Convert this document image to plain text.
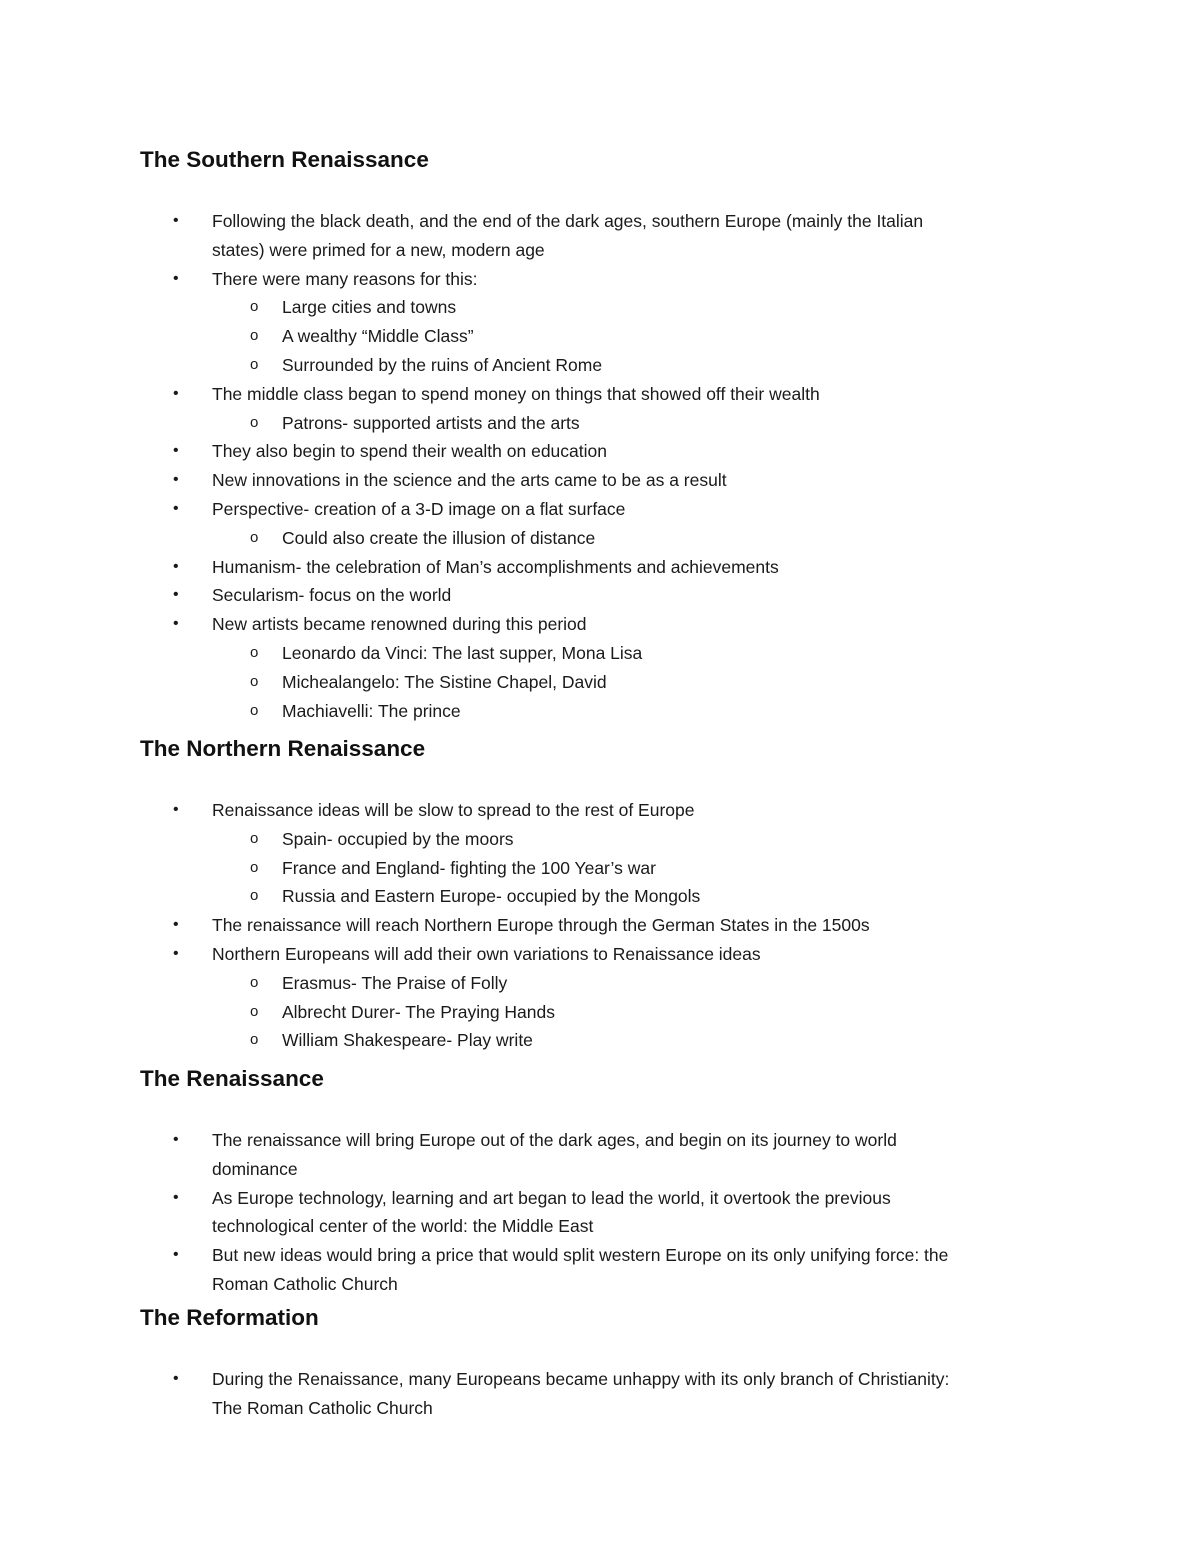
The Southern Renaissance
• Following the black death, and the end of the dark ages, southern Europe (mainly the Italian
states) were primed for a new, modern age
• There were many reasons for this:
o Large cities and towns
o A wealthy “Middle Class”
o Surrounded by the ruins of Ancient Rome
• The middle class began to spend money on things that showed off their wealth
o Patrons- supported artists and the arts
• They also begin to spend their wealth on education
• New innovations in the science and the arts came to be as a result
• Perspective- creation of a 3-D image on a flat surface
o Could also create the illusion of distance
• Humanism- the celebration of Man’s accomplishments and achievements
• Secularism- focus on the world
• New artists became renowned during this period
o Leonardo da Vinci: The last supper, Mona Lisa
o Michealangelo: The Sistine Chapel, David
o Machiavelli: The prince
The Northern Renaissance
• Renaissance ideas will be slow to spread to the rest of Europe
o Spain- occupied by the moors
o France and England- fighting the 100 Year’s war
o Russia and Eastern Europe- occupied by the Mongols
• The renaissance will reach Northern Europe through the German States in the 1500s
• Northern Europeans will add their own variations to Renaissance ideas
o Erasmus- The Praise of Folly
o Albrecht Durer- The Praying Hands
o William Shakespeare- Play write
The Renaissance
• The renaissance will bring Europe out of the dark ages, and begin on its journey to world
dominance
• As Europe technology, learning and art began to lead the world, it overtook the previous
technological center of the world: the Middle East
• But new ideas would bring a price that would split western Europe on its only unifying force: the
Roman Catholic Church
The Reformation
• During the Renaissance, many Europeans became unhappy with its only branch of Christianity:
The Roman Catholic Church
